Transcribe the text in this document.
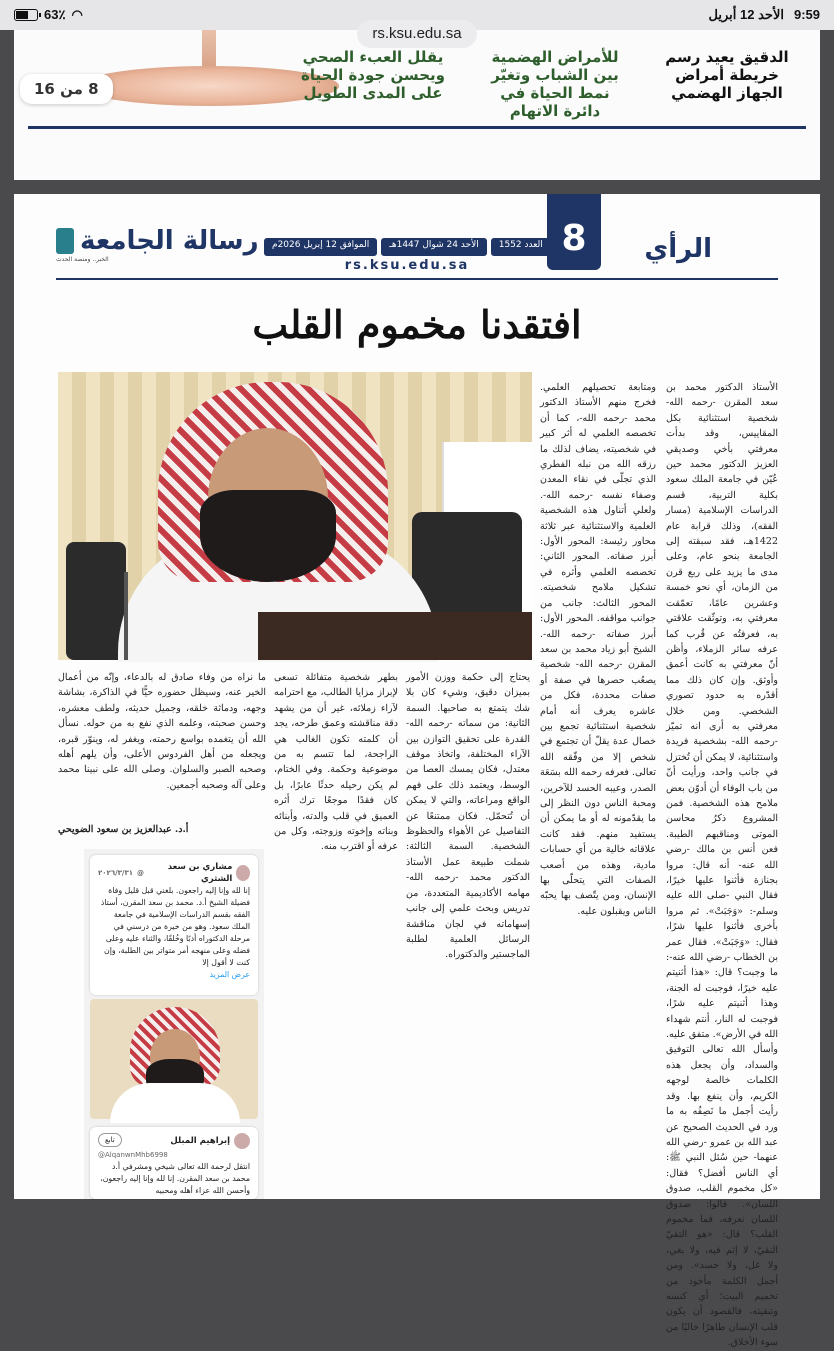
9:59
الأحد 12 أبريل
63٪ ◠
rs.ksu.edu.sa
8 من 16
الدقيق يعيد رسم خريطة أمراض الجهاز الهضمي
للأمراض الهضمية بين الشباب وتغيّر نمط الحياة في دائرة الاتهام
يقلل العبء الصحي ويحسن جودة الحياة على المدى الطويل
8	الرأي
العدد 1552
الأحد 24 شوال 1447هـ
الموافق 12 إبريل 2026م
rs.ksu.edu.sa
رسالة الجامعة
الخبر.. ومنصة الحدث
افتقدنا مخموم القلب
الأستاذ الدكتور محمد بن سعد المقرن -رحمه الله- شخصية استثنائية بكل المقاييس، وقد بدأت معرفتي بأخي وصديقي العزيز الدكتور محمد حين عُيّن في جامعة الملك سعود بكلية التربية، قسم الدراسات الإسلامية (مسار الفقه)، وذلك قرابة عام 1422هـ، فقد سبقته إلى الجامعة بنحو عام، وعلى مدى ما يزيد على ربع قرن من الزمان، أي نحو خمسة وعشرين عامًا، تعمّقت معرفتي به، وتوثّقت علاقتي به، فعرفتُه عن قُرب كما عرفه سائر الزملاء، وأظن أنّ معرفتي به كانت أعمق وأوثق. وإن كان ذلك مما أقدّره به حدود تصوري الشخصي. ومن خلال معرفتي به أرى انه تميّز -رحمه الله- بشخصية فريدة واستثنائية، لا يمكن أن تُختزل في جانب واحد، ورأيت أنّ من باب الوفاء أن أدوّن بعض ملامح هذه الشخصية. فمن المشروع ذكرُ محاسن الموتى ومناقبهم الطيبة. فعن أنس بن مالك -رضي الله عنه- أنه قال: مروا بجنازة فأثنوا عليها خيرًا، فقال النبي -صلى الله عليه وسلم-: «وَجَبَتْ». ثم مروا بأخرى فأثنوا عليها شرًا، فقال: «وَجَبَتْ». فقال عمر بن الخطاب -رضي الله عنه-: ما وجبت؟ قال: «هذا أثنيتم عليه خيرًا، فوجبت له الجنة، وهذا أثنيتم عليه شرًا، فوجبت له النار، أنتم شهداء الله في الأرض». متفق عليه. وأسأل الله تعالى التوفيق والسداد، وأن يجعل هذه الكلمات خالصة لوجهه الكريم، وأن ينفع بها. وقد رأيت أجمل ما نَصِفُه به ما ورد في الحديث الصحيح عن عبد الله بن عمرو -رضي الله عنهما- حين سُئل النبي ﷺ: أي الناس أفضل؟ فقال: «كل مخموم القلب، صدوق اللسان». قالوا: صدوق اللسان نعرفه، فما مخموم القلب؟ قال: «هو التقيّ النقيّ، لا إثم فيه، ولا بغي، ولا غل، ولا حسد». ومن أجمل الكلمة مأخوذ من تخميم البيت؛ أي كنسه وتنقيته، فالقصود أن يكون قلب الإنسان طاهرًا خاليًا من سوء الأخلاق.
ومتابعة تحصيلهم العلمي. فخرج منهم الأستاذ الدكتور محمد -رحمه الله-، كما أن تخصصه العلمي له أثر كبير في شخصيته، يضاف لذلك ما رزقه الله من نبله الفطري الذي تجلّى في نقاء المعدن وصفاء نفسه -رحمه الله-. ولعلي أتناول هذه الشخصية العلمية والاستثنائية عبر ثلاثة محاور رئيسة: المحور الأول: أبرز صفاته. المحور الثاني: تخصصه العلمي وأثره في تشكيل ملامح شخصيته. المحور الثالث: جانب من جوانب مواقفه. المحور الأول: أبرز صفاته -رحمه الله-. الشيخ أبو زياد محمد بن سعد المقرن -رحمه الله- شخصية يصعُب حصرها في صفة أو صفات محددة، فكل من عاشره يعرف أنه أمام شخصية استثنائية تجمع بين خصال عدة يقلّ أن تجتمع في شخص إلا من وفّقه الله تعالى. فعرفه رحمه الله بسَعَة الصدر، وعيبه الحسد للآخرين، ومحبة الناس دون النظر إلى ما يقدّمونه له أو ما يمكن أن يستفيد منهم. فقد كانت علاقاته خالية من أي حسابات مادية، وهذه من أصعب الصفات التي يتحلّى بها الإنسان، ومن يتّصف بها يحبّه الناس ويقبلون عليه.
يحتاج إلى حكمة ووزن الأمور بميزان دقيق، وشيء كان بلا شك يتمتع به صاحبها. السمة الثانية: من سماته -رحمه الله- القدرة على تحقيق التوازن بين الآراء المختلفة، واتخاذ موقف معتدل، فكان يمسك العصا من الوسط، ويعتمد ذلك على فهم الواقع ومراعاته، والتي لا يمكن أن تُتحمّل. فكان ممتنعًا عن التفاصيل عن الأهواء والحظوظ الشخصية. السمة الثالثة: شملت طبيعة عمل الأستاذ الدكتور محمد -رحمه الله- مهامه الأكاديمية المتعددة، من تدريس وبحث علمي إلى جانب إسهاماته في لجان مناقشة الرسائل العلمية لطلبة الماجستير والدكتوراه.
بطهر شخصية متفائلة تسعى لإبراز مزايا الطالب، مع احترامه لآراء زملائه، غير أن من يشهد دقة مناقشته وعمق طرحه، يجد أن كلمته تكون الغالب هي الراجحة، لما تتسم به من موضوعية وحكمة. وفي الختام، لم يكن رحيله حدثًا عابرًا، بل كان فقدًا موجعًا ترك أثره العميق في قلب والدته، وأبنائه وبناته وإخوته وزوجته، وكل من عرفه أو اقترب منه.
ما نراه من وفاء صادق له بالدعاء، وإنّه من أعمال الخير عنه، وسيظل حضوره حيًّا في الذاكرة، بشاشة وجهه، ودماثة خلقه، وجميل حديثه، ولطف معشره، وحسن صحبته، وعلمه الذي نفع به من حوله. نسأل الله أن يتغمده بواسع رحمته، ويغفر له، وينوّر قبره، ويجعله من أهل الفردوس الأعلى، وأن يلهم أهله وصحبه الصبر والسلوان. وصلى الله على نبينا محمد وعلى آله وصحبه أجمعين.
أ.د. عبدالعزيز بن سعود الضويحي
مشاري بن سعد الشثري
@
٢٠٢٦/٣/٣١
إنا لله وإنا إليه راجعون. بلغني قبل قليل وفاة فضيلة الشيخ أ.د. محمد بن سعد المقرن، أستاذ الفقه بقسم الدراسات الإسلامية في جامعة الملك سعود. وهو من خيرة من درسني في مرحلة الدكتوراه أدبًا وخُلقًا، والثناء عليه وعلى فضله وعلى منهجه أمر متواتر بين الطلبة، وإن كنت لا أقول إلا
عرض المزيد
إبراهيم المبلل
@AlqanwnMhb6998
تابع
انتقل لرحمة الله تعالى شيخي ومشرفي أ.د محمد بن سعد المقرن. إنا لله وإنا إليه راجعون، وأحسن الله عزاء أهله ومحبيه
